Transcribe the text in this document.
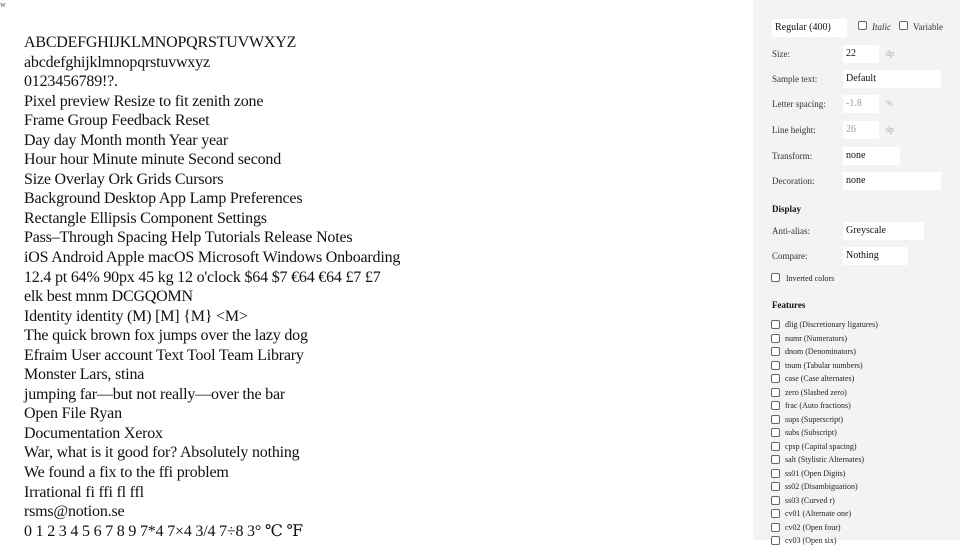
w
ABCDEFGHIJKLMNOPQRSTUVWXYZ
abcdefghijklmnopqrstuvwxyz
0123456789!?.
Pixel preview Resize to fit zenith zone
Frame Group Feedback Reset
Day day Month month Year year
Hour hour Minute minute Second second
Size Overlay Ork Grids Cursors
Background Desktop App Lamp Preferences
Rectangle Ellipsis Component Settings
Pass–Through Spacing Help Tutorials Release Notes
iOS Android Apple macOS Microsoft Windows Onboarding
12.4 pt 64% 90px 45 kg 12 o'clock $64 $7 €64 €64 £7 £7
elk best mnm DCGQOMN
Identity identity (M) [M] {M} <M>
The quick brown fox jumps over the lazy dog
Efraim User account Text Tool Team Library
Monster Lars, stina
jumping far—but not really—over the bar
Open File Ryan
Documentation Xerox
War, what is it good for? Absolutely nothing
We found a fix to the ffi problem
Irrational fi ffi fl ffl
rsms@notion.se
0 1 2 3 4 5 6 7 8 9 7*4 7×4 3/4 7÷8 3° ℃ ℉
Regular (400)	Italic Variable
Size:	22	dp
Sample text:	Default
Letter spacing:	-1.8	%
Line height:	26	dp
Transform:	none
Decoration:	none
Display
Anti-alias:	Greyscale
Compare:	Nothing
Inverted colors
Features
dlig (Discretionary ligatures)
numr (Numerators)
dnom (Denominators)
tnum (Tabular numbers)
case (Case alternates)
zero (Slashed zero)
frac (Auto fractions)
sups (Superscript)
subs (Subscript)
cpsp (Capital spacing)
salt (Stylistic Alternates)
ss01 (Open Digits)
ss02 (Disambiguation)
ss03 (Curved r)
cv01 (Alternate one)
cv02 (Open four)
cv03 (Open six)
